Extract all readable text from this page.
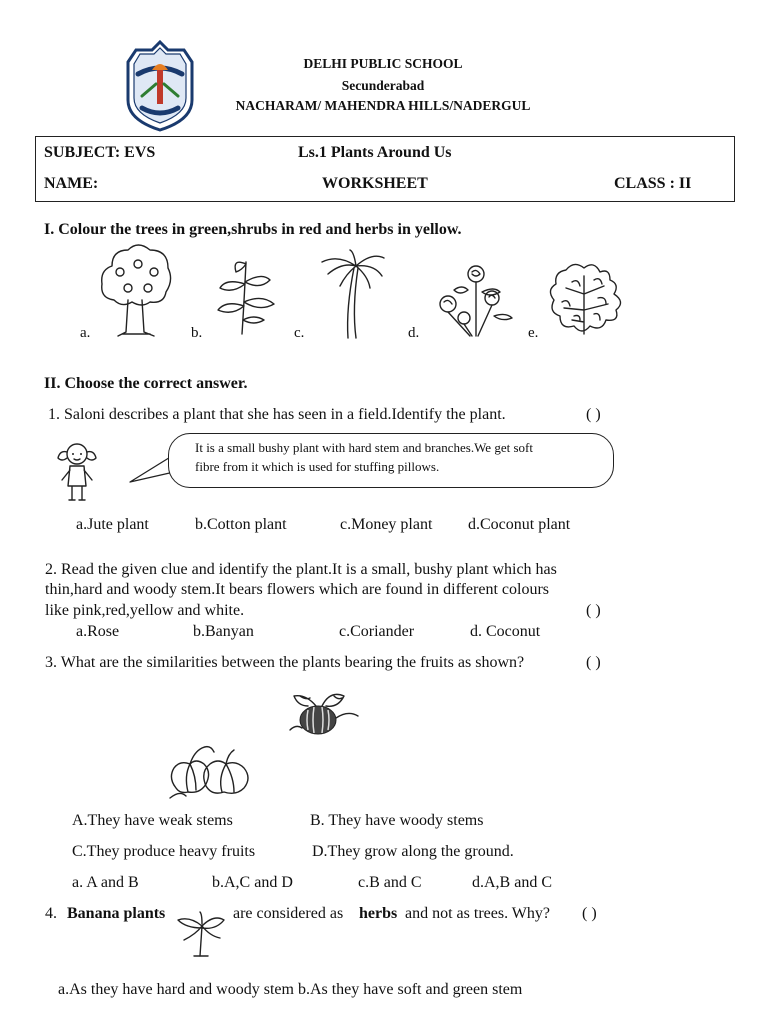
DELHI PUBLIC SCHOOL
Secunderabad
NACHARAM/ MAHENDRA HILLS/NADERGUL
SUBJECT: EVS	Ls.1 Plants Around Us
NAME:	WORKSHEET	CLASS : II
I. Colour the trees in green,shrubs in red and herbs in yellow.
a.	b.	c.	d.	e.
II. Choose the correct answer.
1. Saloni describes a plant that she has seen in a field.Identify the plant.	( )
It is a small bushy plant with hard stem and branches.We get soft
fibre from it which is used for stuffing pillows.
a.Jute plant	b.Cotton plant	c.Money plant d.Coconut plant
2. Read the given clue and identify the plant.It is a small, bushy plant which has
thin,hard and woody stem.It bears flowers which are found in different colours
like pink,red,yellow and white.	( )
a.Rose	b.Banyan	c.Coriander	d. Coconut
3. What are the similarities between the plants bearing the fruits as shown?	( )
A.They have weak stems	B. They have woody stems
C.They produce heavy fruits	D.They grow along the ground.
a. A and B	b.A,C and D	c.B and C	d.A,B and C
4. Banana plants	are considered as herbs and not as trees. Why? ( )
a.As they have hard and woody stem b.As they have soft and green stem
